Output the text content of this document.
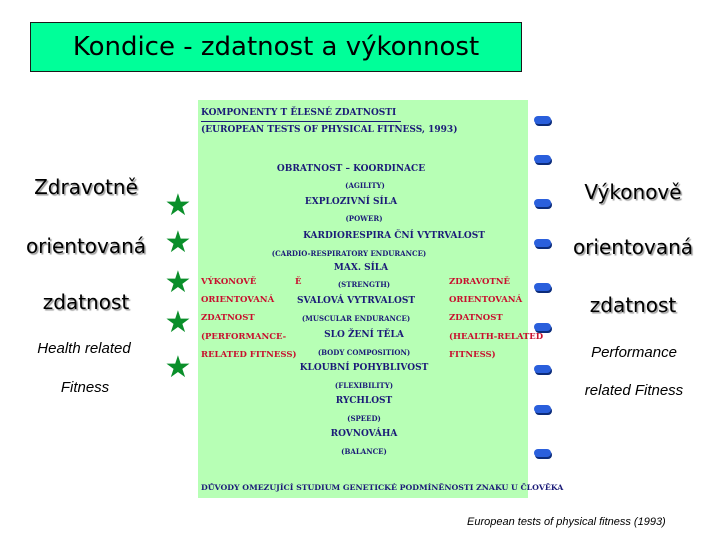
Kondice - zdatnost a výkonnost
Zdravotně
orientovaná
zdatnost
Health related
Fitness
Výkonově
orientovaná
zdatnost
Performance
related Fitness
★
★
★
★
★
KOMPONENTY T ĚLESNÉ ZDATNOSTI
(EUROPEAN TESTS OF PHYSICAL FITNESS, 1993)
OBRATNOST – KOORDINACE
(AGILITY)
EXPLOZIVNÍ SÍLA
(POWER)
KARDIORESPIRA ČNÍ VYTRVALOST
(CARDIO-RESPIRATORY ENDURANCE)
MAX. SÍLA
(STRENGTH)
SVALOVÁ VYTRVALOST
(MUSCULAR ENDURANCE)
SLO ŽENÍ TĚLA
(BODY COMPOSITION)
KLOUBNÍ POHYBLIVOST
(FLEXIBILITY)
RYCHLOST
(SPEED)
ROVNOVÁHA
(BALANCE)
VÝKONOVĚ
ORIENTOVANÁ
ZDATNOST
(PERFORMANCE-
RELATED FITNESS)
Ě	ZDRAVOTNĚ
ORIENTOVANÁ
ZDATNOST
(HEALTH-RELATED
FITNESS)
DŮVODY OMEZUJÍCÍ STUDIUM GENETICKÉ PODMÍNĚNOSTI ZNAKU U ČLOVĚKA
European tests of physical fitness (1993)
